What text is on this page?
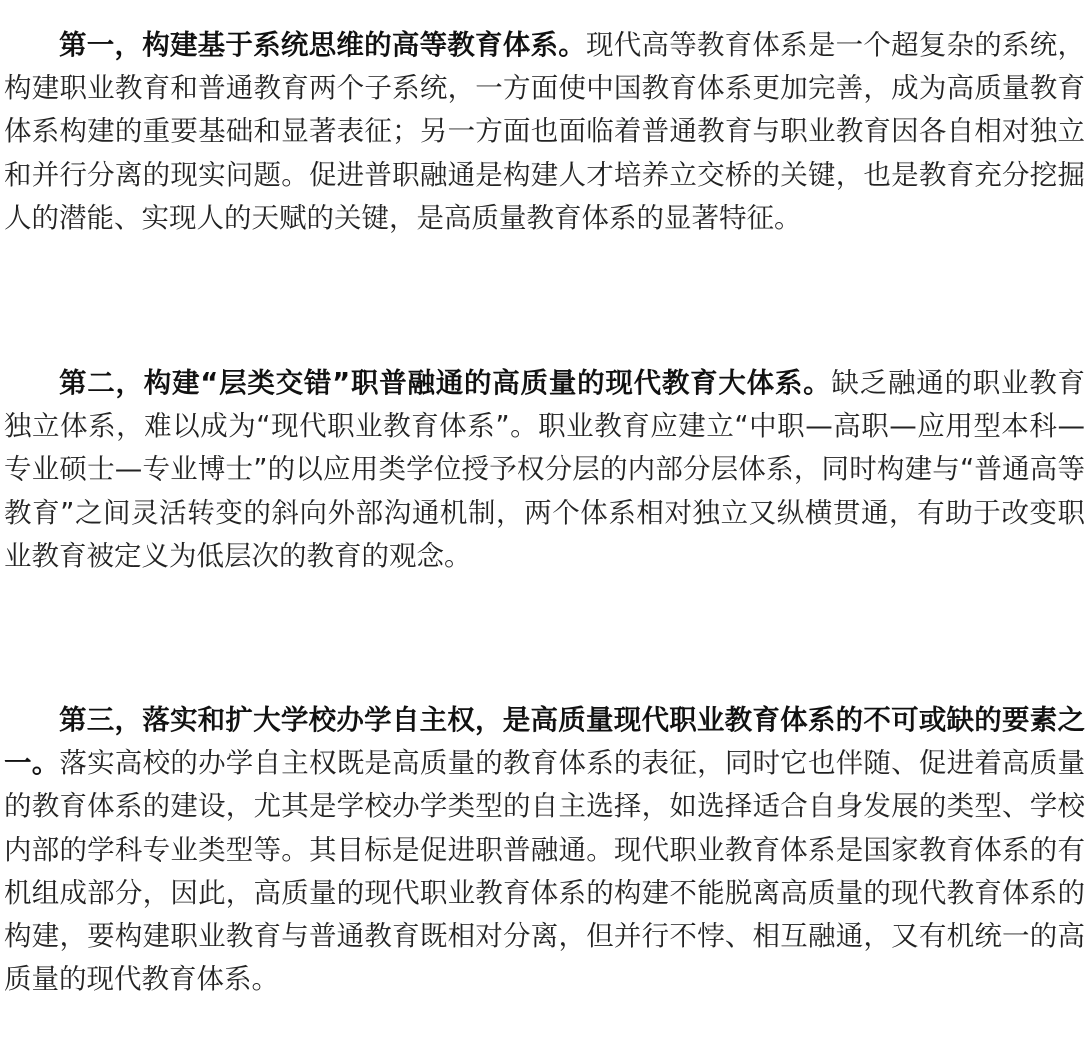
第一，构建基于系统思维的高等教育体系。现代高等教育体系是一个超复杂的系统，构建职业教育和普通教育两个子系统，一方面使中国教育体系更加完善，成为高质量教育体系构建的重要基础和显著表征；另一方面也面临着普通教育与职业教育因各自相对独立和并行分离的现实问题。促进普职融通是构建人才培养立交桥的关键，也是教育充分挖掘人的潜能、实现人的天赋的关键，是高质量教育体系的显著特征。

第二，构建“层类交错”职普融通的高质量的现代教育大体系。缺乏融通的职业教育独立体系，难以成为“现代职业教育体系”。职业教育应建立“中职—高职—应用型本科—专业硕士—专业博士”的以应用类学位授予权分层的内部分层体系，同时构建与“普通高等教育”之间灵活转变的斜向外部沟通机制，两个体系相对独立又纵横贯通，有助于改变职业教育被定义为低层次的教育的观念。

第三，落实和扩大学校办学自主权，是高质量现代职业教育体系的不可或缺的要素之一。落实高校的办学自主权既是高质量的教育体系的表征，同时它也伴随、促进着高质量的教育体系的建设，尤其是学校办学类型的自主选择，如选择适合自身发展的类型、学校内部的学科专业类型等。其目标是促进职普融通。现代职业教育体系是国家教育体系的有机组成部分，因此，高质量的现代职业教育体系的构建不能脱离高质量的现代教育体系的构建，要构建职业教育与普通教育既相对分离，但并行不悖、相互融通，又有机统一的高质量的现代教育体系。
